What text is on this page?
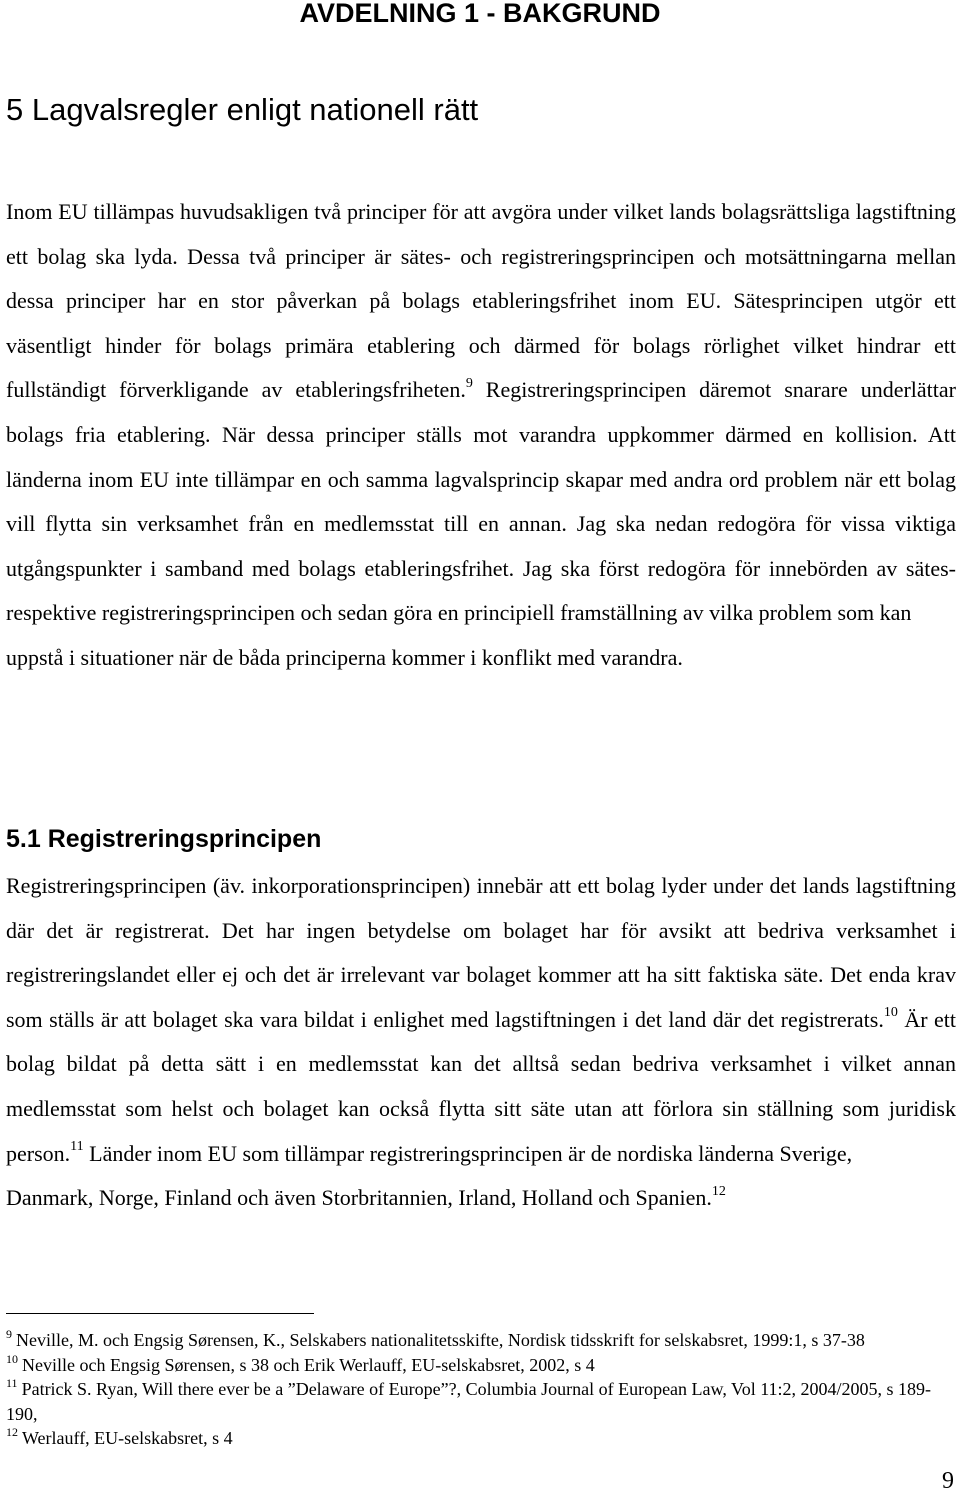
AVDELNING 1 - BAKGRUND
5 Lagvalsregler enligt nationell rätt

Inom EU tillämpas huvudsakligen två principer för att avgöra under vilket lands bolagsrättsliga lagstiftning ett bolag ska lyda. Dessa två principer är sätes- och registreringsprincipen och motsättningarna mellan dessa principer har en stor påverkan på bolags etableringsfrihet inom EU. Sätesprincipen utgör ett väsentligt hinder för bolags primära etablering och därmed för bolags rörlighet vilket hindrar ett fullständigt förverkligande av etableringsfriheten.$^9$ Registreringsprincipen däremot snarare underlättar bolags fria etablering. När dessa principer ställs mot varandra uppkommer därmed en kollision. Att länderna inom EU inte tillämpar en och samma lagvalsprincip skapar med andra ord problem när ett bolag vill flytta sin verksamhet från en medlemsstat till en annan. Jag ska nedan redogöra för vissa viktiga utgångspunkter i samband med bolags etableringsfrihet. Jag ska först redogöra för innebörden av sätes- respektive registreringsprincipen och sedan göra en principiell framställning av vilka problem som kan
uppstå i situationer när de båda principerna kommer i konflikt med varandra.

5.1 Registreringsprincipen

Registreringsprincipen (äv. inkorporationsprincipen) innebär att ett bolag lyder under det lands lagstiftning där det är registrerat. Det har ingen betydelse om bolaget har för avsikt att bedriva verksamhet i registreringslandet eller ej och det är irrelevant var bolaget kommer att ha sitt faktiska säte. Det enda krav som ställs är att bolaget ska vara bildat i enlighet med lagstiftningen i det land där det registrerats.$^{10}$ Är ett bolag bildat på detta sätt i en medlemsstat kan det alltså sedan bedriva verksamhet i vilket annan medlemsstat som helst och bolaget kan också flytta sitt säte utan att förlora sin ställning som juridisk person.$^{11}$ Länder inom EU som tillämpar registreringsprincipen är de nordiska länderna Sverige,
Danmark, Norge, Finland och även Storbritannien, Irland, Holland och Spanien.$^{12}$

$^9$ Neville, M. och Engsig Sørensen, K., Selskabers nationalitetsskifte, Nordisk tidsskrift for selskabsret, 1999:1, s 37-38
$^{10}$ Neville och Engsig Sørensen, s 38 och Erik Werlauff, EU-selskabsret, 2002, s 4
$^{11}$ Patrick S. Ryan, Will there ever be a ”Delaware of Europe”?, Columbia Journal of European Law, Vol 11:2, 2004/2005, s 189-190,
$^{12}$ Werlauff, EU-selskabsret, s 4
9
